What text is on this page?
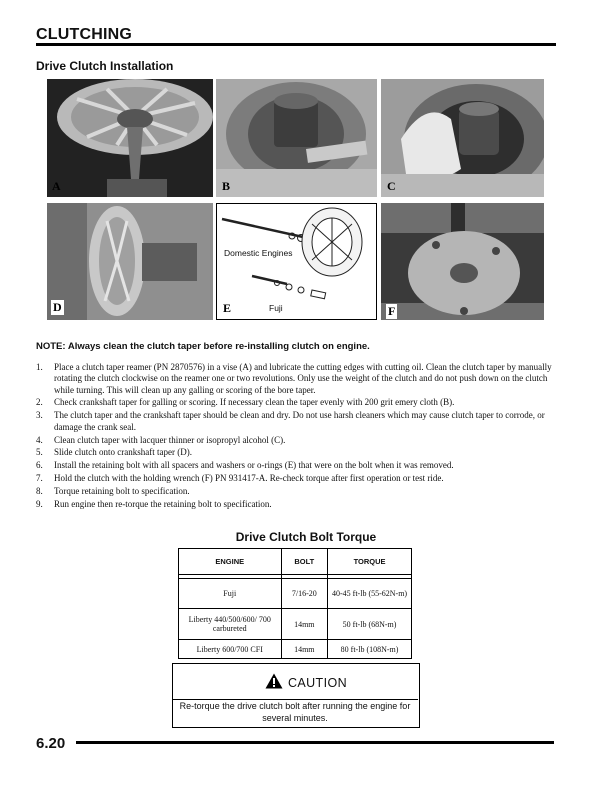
CLUTCHING
Drive Clutch Installation
A	B	C
D
Domestic Engines
Fuji
E	F
NOTE: Always clean the clutch taper before re-installing clutch on engine.
1. Place a clutch taper reamer (PN 2870576) in a vise (A) and lubricate the cutting edges with cutting oil. Clean the clutch taper by manually rotating the clutch clockwise on the reamer one or two revolutions. Only use the weight of the clutch and do not push down on the clutch while turning. This will clean up any galling or scoring of the bore taper.
2. Check crankshaft taper for galling or scoring. If necessary clean the taper evenly with 200 grit emery cloth (B).
3. The clutch taper and the crankshaft taper should be clean and dry. Do not use harsh cleaners which may cause clutch taper to corrode, or damage the crank seal.
4. Clean clutch taper with lacquer thinner or isopropyl alcohol (C).
5. Slide clutch onto crankshaft taper (D).
6. Install the retaining bolt with all spacers and washers or o-rings (E) that were on the bolt when it was removed.
7. Hold the clutch with the holding wrench (F) PN 931417-A. Re-check torque after first operation or test ride.
8. Torque retaining bolt to specification.
9. Run engine then re-torque the retaining bolt to specification.
Drive Clutch Bolt Torque
ENGINE	BOLT	TORQUE

Fuji	7/16-20	40-45 ft-lb (55-62N-m)
Liberty 440/500/600/ 700 carbureted	14mm	50 ft-lb (68N-m)
Liberty 600/700 CFI	14mm	80 ft-lb (108N-m)
CAUTION
Re-torque the drive clutch bolt after running the engine for several minutes.
6.20
